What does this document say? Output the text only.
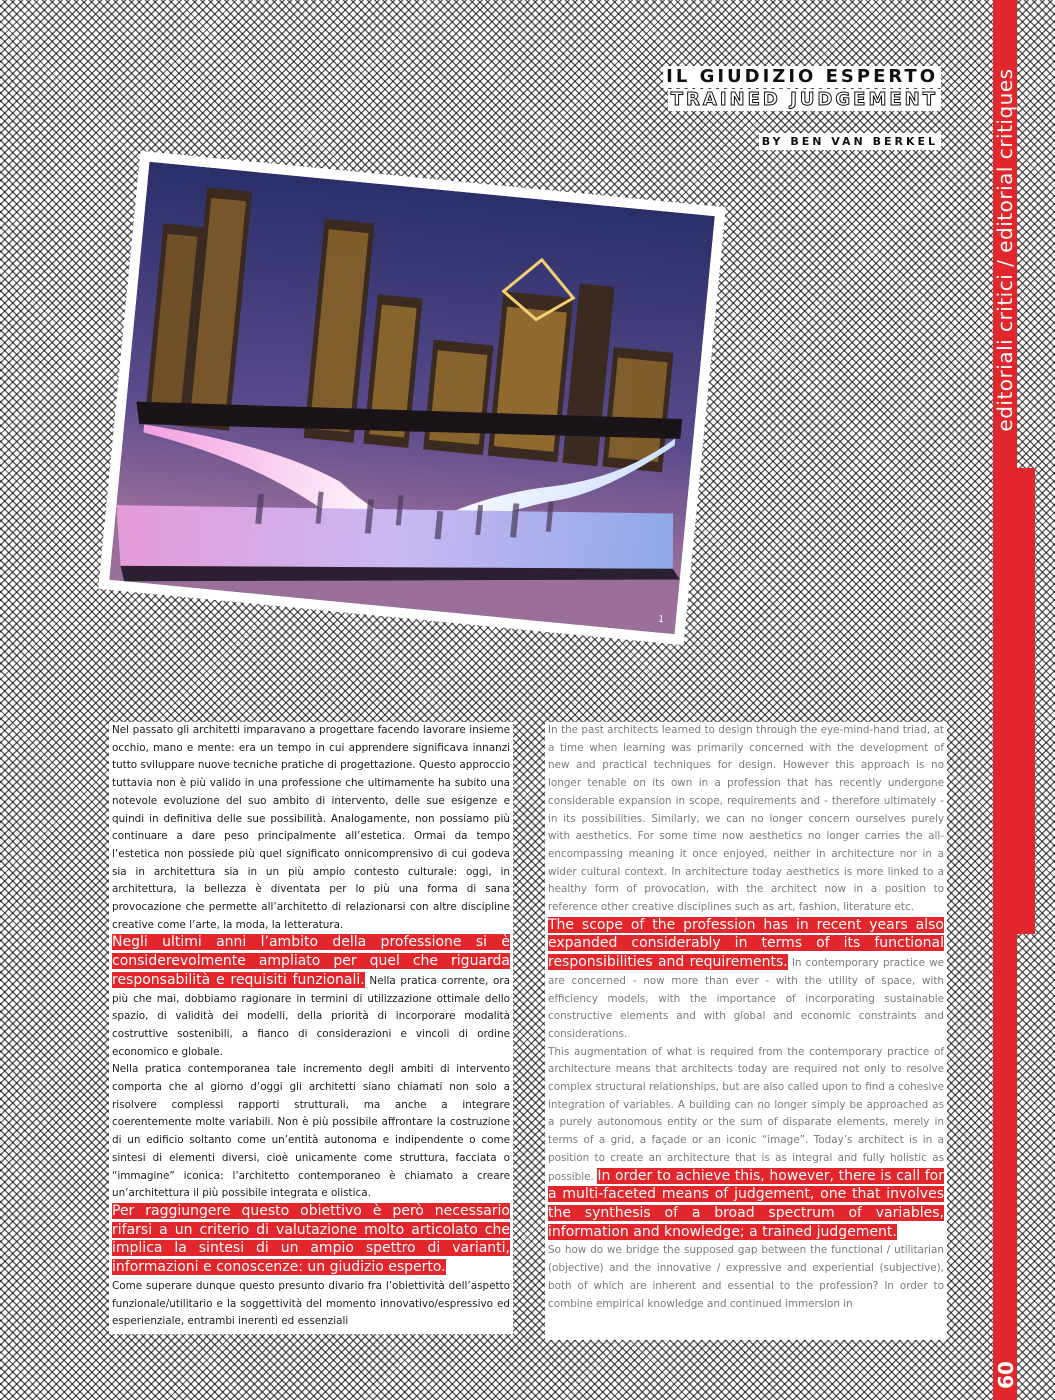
editoriali critici / editorial critiques
09
IL GIUDIZIO ESPERTO
TRAINED JUDGEMENT
BY BEN VAN BERKEL
1

Nel passato gli architetti imparavano a progettare facendo lavorare insieme occhio, mano e mente: era un tempo in cui apprendere significava innanzi tutto sviluppare nuove tecniche pratiche di progettazione. Questo approccio tuttavia non è più valido in una professione che ultimamente ha subito una notevole evoluzione del suo ambito di intervento, delle sue esigenze e quindi in definitiva delle sue possibilità. Analogamente, non possiamo più continuare a dare peso principalmente all’estetica. Ormai da tempo l’estetica non possiede più quel significato onnicomprensivo di cui godeva sia in architettura sia in un più ampio contesto culturale: oggi, in architettura, la bellezza è diventata per lo più una forma di sana provocazione che permette all’architetto di relazionarsi con altre discipline creative come l’arte, la moda, la letteratura.

Negli ultimi anni l’ambito della professione si è considerevolmente ampliato per quel che riguarda responsabilità e requisiti funzionali. Nella pratica corrente, ora più che mai, dobbiamo ragionare in termini di utilizzazione ottimale dello spazio, di validità dei modelli, della priorità di incorporare modalità costruttive sostenibili, a fianco di considerazioni e vincoli di ordine economico e globale.

Nella pratica contemporanea tale incremento degli ambiti di intervento comporta che al giorno d’oggi gli architetti siano chiamati non solo a risolvere complessi rapporti strutturali, ma anche a integrare coerentemente molte variabili. Non è più possibile affrontare la costruzione di un edificio soltanto come un’entità autonoma e indipendente o come sintesi di elementi diversi, cioè unicamente come struttura, facciata o “immagine” iconica: l’architetto contemporaneo è chiamato a creare un’architettura il più possibile integrata e olistica.

Per raggiungere questo obiettivo è però necessario rifarsi a un criterio di valutazione molto articolato che implica la sintesi di un ampio spettro di varianti, informazioni e conoscenze: un giudizio esperto.

Come superare dunque questo presunto divario fra l’obiettività dell’aspetto funzionale/utilitario e la soggettività del momento innovativo/espressivo ed esperienziale, entrambi inerenti ed essenziali

In the past architects learned to design through the eye-mind-hand triad, at a time when learning was primarily concerned with the development of new and practical techniques for design. However this approach is no longer tenable on its own in a profession that has recently undergone considerable expansion in scope, requirements and - therefore ultimately - in its possibilities. Similarly, we can no longer concern ourselves purely with aesthetics. For some time now aesthetics no longer carries the all-encompassing meaning it once enjoyed, neither in architecture nor in a wider cultural context. In architecture today aesthetics is more linked to a healthy form of provocation, with the architect now in a position to reference other creative disciplines such as art, fashion, literature etc.

The scope of the profession has in recent years also expanded considerably in terms of its functional responsibilities and requirements. In contemporary practice we are concerned - now more than ever - with the utility of space, with efficiency models, with the importance of incorporating sustainable constructive elements and with global and economic constraints and considerations.

This augmentation of what is required from the contemporary practice of architecture means that architects today are required not only to resolve complex structural relationships, but are also called upon to find a cohesive integration of variables. A building can no longer simply be approached as a purely autonomous entity or the sum of disparate elements, merely in terms of a grid, a façade or an iconic “image”. Today’s architect is in a position to create an architecture that is as integral and fully holistic as possible. In order to achieve this, however, there is call for a multi-faceted means of judgement, one that involves the synthesis of a broad spectrum of variables, information and knowledge; a trained judgement.

So how do we bridge the supposed gap between the functional / utilitarian (objective) and the innovative / expressive and experiential (subjective), both of which are inherent and essential to the profession? In order to combine empirical knowledge and continued immersion in
